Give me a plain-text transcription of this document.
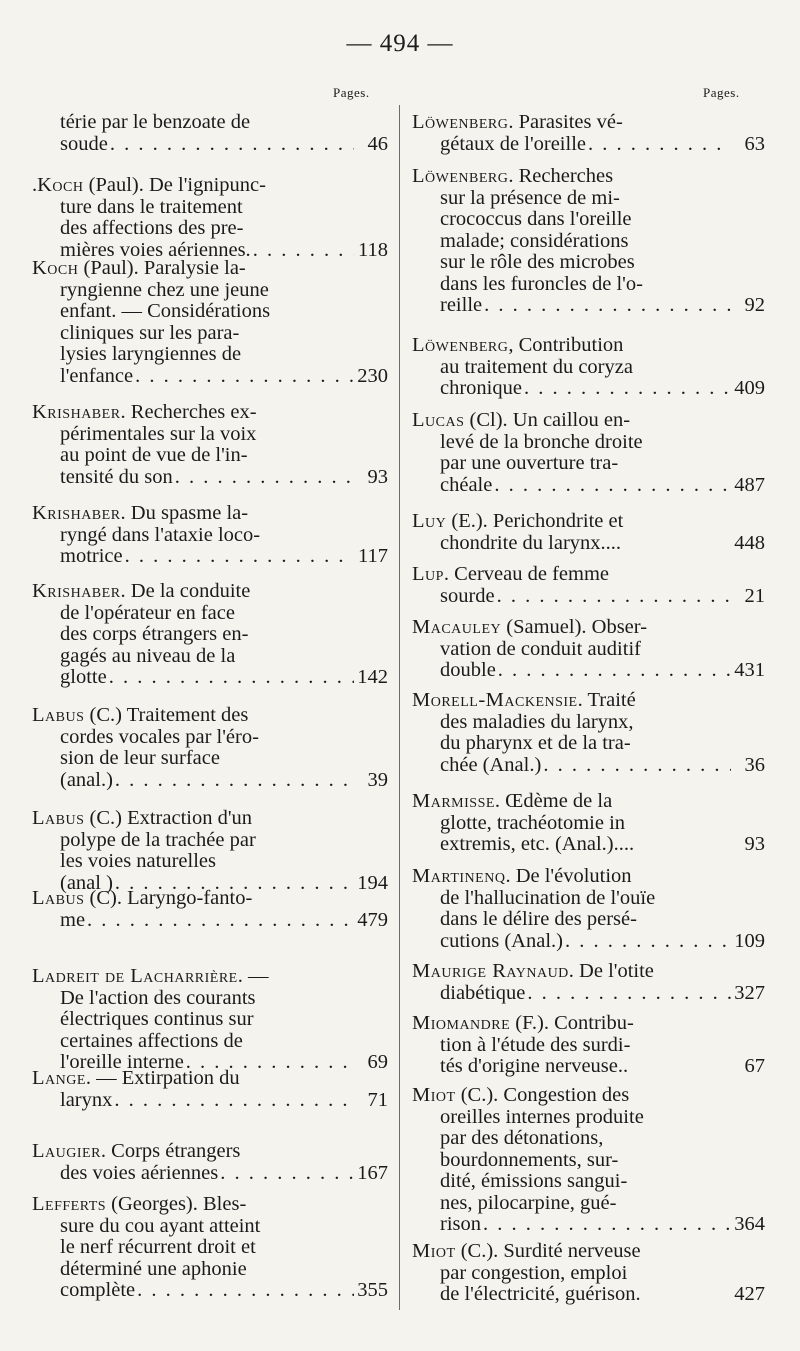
— 494 —
Pages.	Pages.
térie par le benzoate de
soude . . .	46
.Koch (Paul). De l'ignipunc-
ture dans le traitement
des affections des pre-
mières voies aériennes. . . .	118
Koch (Paul). Paralysie la-
ryngienne chez une jeune
enfant. — Considérations
cliniques sur les para-
lysies laryngiennes de
l'enfance . . .	230
Krishaber. Recherches ex-
périmentales sur la voix
au point de vue de l'in-
tensité du son . . .	93
Krishaber. Du spasme la-
ryngé dans l'ataxie loco-
motrice . . .	117
Krishaber. De la conduite
de l'opérateur en face
des corps étrangers en-
gagés au niveau de la
glotte . . .	142
Labus (C.) Traitement des
cordes vocales par l'éro-
sion de leur surface
(anal.) . . .	39
Labus (C.) Extraction d'un
polype de la trachée par
les voies naturelles
(anal ) . . .	194
Labus (C). Laryngo-fanto-
me . . .	479
Ladreit de Lacharrière. —
De l'action des courants
électriques continus sur
certaines affections de
l'oreille interne . . .	69
Lange. — Extirpation du
larynx . . .	71
Laugier. Corps étrangers
des voies aériennes . . .	167
Lefferts (Georges). Bles-
sure du cou ayant atteint
le nerf récurrent droit et
déterminé une aphonie
complète . . .	355
Löwenberg. Parasites vé-
gétaux de l'oreille . . .	63
Löwenberg. Recherches
sur la présence de mi-
crococcus dans l'oreille
malade; considérations
sur le rôle des microbes
dans les furoncles de l'o-
reille . . .	92
Löwenberg, Contribution
au traitement du coryza
chronique . . .	409
Lucas (Cl). Un caillou en-
levé de la bronche droite
par une ouverture tra-
chéale . . .	487
Luy (E.). Perichondrite et
chondrite du larynx....	448
Lup. Cerveau de femme
sourde . . .	21
Macauley (Samuel). Obser-
vation de conduit auditif
double . . .	431
Morell-Mackensie. Traité
des maladies du larynx,
du pharynx et de la tra-
chée (Anal.) . . .	36
Marmisse. Œdème de la
glotte, trachéotomie in
extremis, etc. (Anal.)....	93
Martinenq. De l'évolution
de l'hallucination de l'ouïe
dans le délire des persé-
cutions (Anal.) . . .	109
Maurige Raynaud. De l'otite
diabétique . . .	327
Miomandre (F.). Contribu-
tion à l'étude des surdi-
tés d'origine nerveuse..	67
Miot (C.). Congestion des
oreilles internes produite
par des détonations,
bourdonnements, sur-
dité, émissions sangui-
nes, pilocarpine, gué-
rison . . .	364
Miot (C.). Surdité nerveuse
par congestion, emploi
de l'électricité, guérison.	427
